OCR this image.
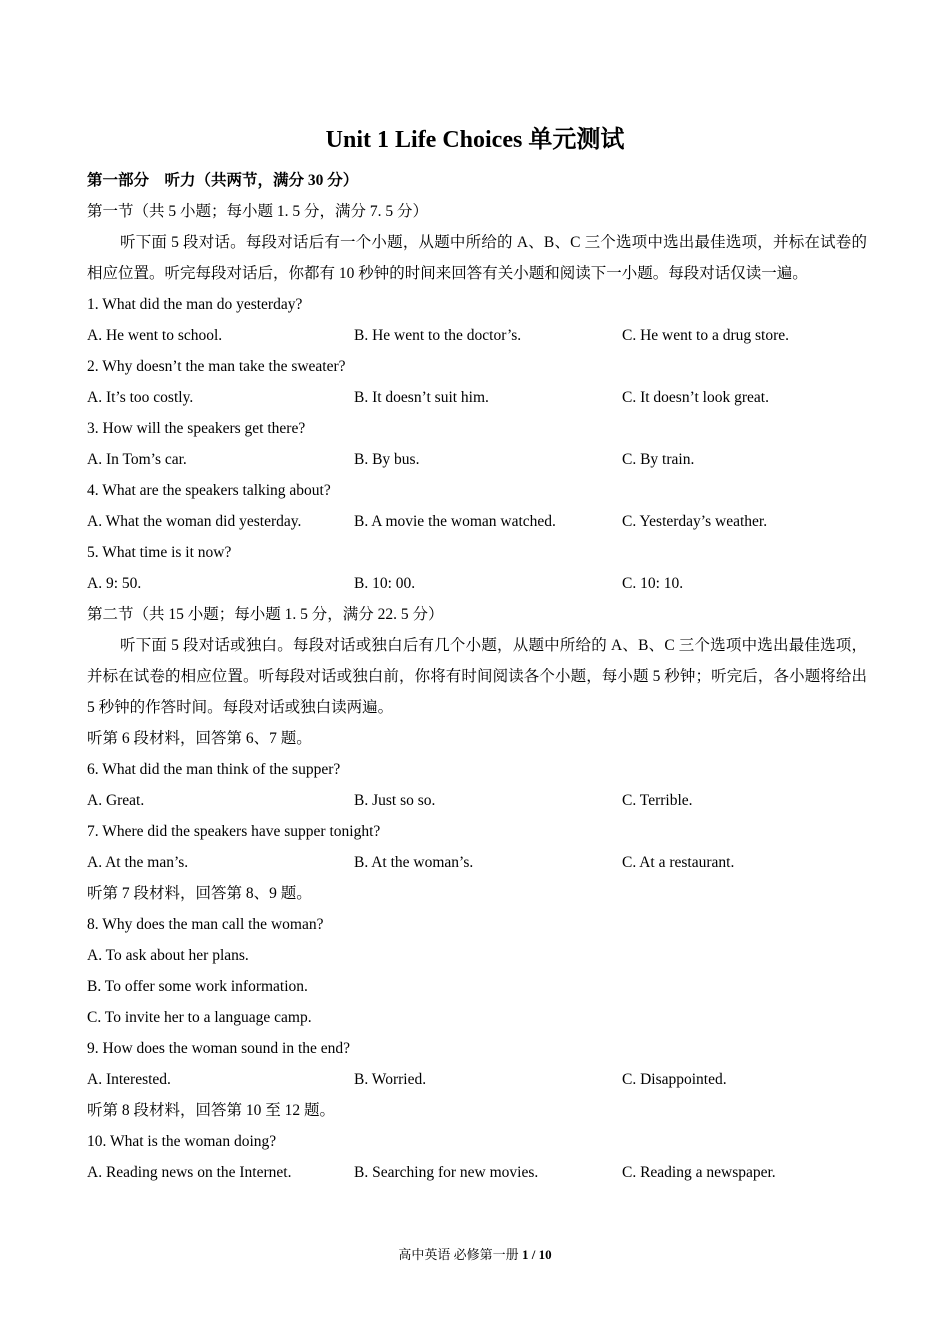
Unit 1 Life Choices 单元测试
第一部分　听力（共两节，满分 30 分）
第一节（共 5 小题；每小题 1. 5 分，满分 7. 5 分）
听下面 5 段对话。每段对话后有一个小题，从题中所给的 A、B、C 三个选项中选出最佳选项，并标在试卷的相应位置。听完每段对话后，你都有 10 秒钟的时间来回答有关小题和阅读下一小题。每段对话仅读一遍。
1. What did the man do yesterday?
A. He went to school.	B. He went to the doctor’s.	C. He went to a drug store.
2. Why doesn’t the man take the sweater?
A. It’s too costly.	B. It doesn’t suit him.	C. It doesn’t look great.
3. How will the speakers get there?
A. In Tom’s car.	B. By bus.	C. By train.
4. What are the speakers talking about?
A. What the woman did yesterday.	B. A movie the woman watched.	C. Yesterday’s weather.
5. What time is it now?
A. 9: 50.	B. 10: 00.	C. 10: 10.
第二节（共 15 小题；每小题 1. 5 分，满分 22. 5 分）
听下面 5 段对话或独白。每段对话或独白后有几个小题，从题中所给的 A、B、C 三个选项中选出最佳选项，并标在试卷的相应位置。听每段对话或独白前，你将有时间阅读各个小题，每小题 5 秒钟；听完后，各小题将给出 5 秒钟的作答时间。每段对话或独白读两遍。
听第 6 段材料，回答第 6、7 题。
6. What did the man think of the supper?
A. Great.	B. Just so so.	C. Terrible.
7. Where did the speakers have supper tonight?
A. At the man’s.	B. At the woman’s.	C. At a restaurant.
听第 7 段材料，回答第 8、9 题。
8. Why does the man call the woman?
A. To ask about her plans.
B. To offer some work information.
C. To invite her to a language camp.
9. How does the woman sound in the end?
A. Interested.	B. Worried.	C. Disappointed.
听第 8 段材料，回答第 10 至 12 题。
10. What is the woman doing?
A. Reading news on the Internet.	B. Searching for new movies.	C. Reading a newspaper.
高中英语 必修第一册 1 / 10
